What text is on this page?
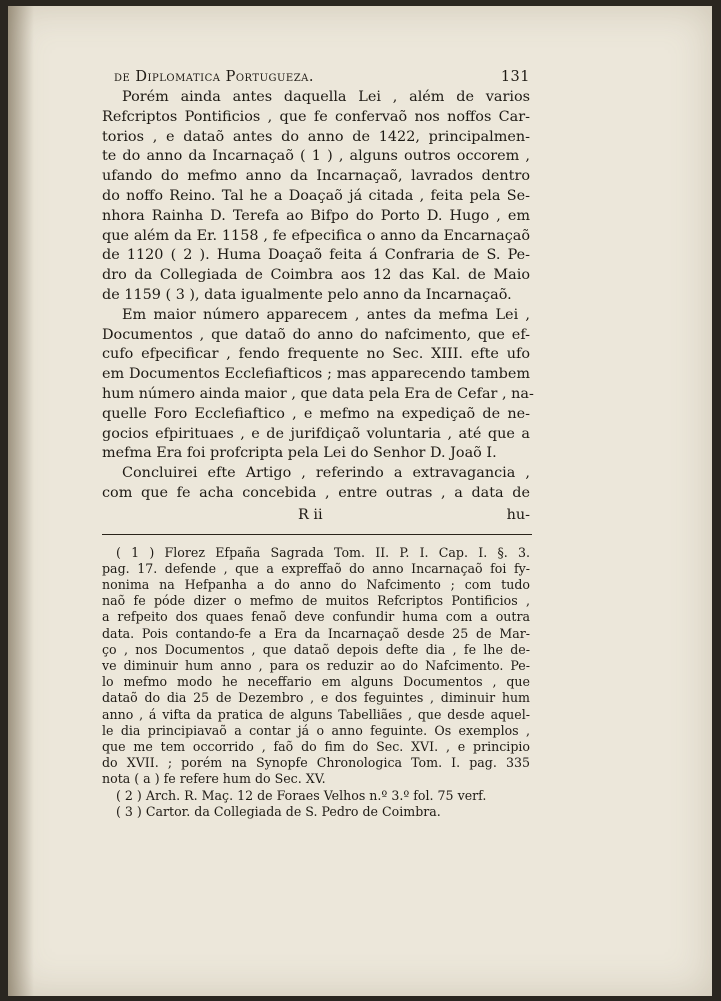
de Diplomatica Portugueza.	131
Porém ainda antes daquella Lei , além de varios
Refcriptos Pontificios , que fe confervaõ nos noffos Car-
torios , e dataõ antes do anno de 1422, principalmen-
te do anno da Incarnaçaõ ( 1 ) , alguns outros occorem ,
ufando do mefmo anno da Incarnaçaõ, lavrados dentro
do noffo Reino. Tal he a Doaçaõ já citada , feita pela Se-
nhora Rainha D. Terefa ao Bifpo do Porto D. Hugo , em
que além da Er. 1158 , fe efpecifica o anno da Encarnaçaõ
de 1120 ( 2 ). Huma Doaçaõ feita á Confraria de S. Pe-
dro da Collegiada de Coimbra aos 12 das Kal. de Maio
de 1159 ( 3 ), data igualmente pelo anno da Incarnaçaõ.
Em maior número apparecem , antes da mefma Lei ,
Documentos , que dataõ do anno do nafcimento, que ef-
cufo efpecificar , fendo frequente no Sec. XIII. efte ufo
em Documentos Ecclefiafticos ; mas apparecendo tambem
hum número ainda maior , que data pela Era de Cefar , na-
quelle Foro Ecclefiaftico , e mefmo na expediçaõ de ne-
gocios efpirituaes , e de jurifdiçaõ voluntaria , até que a
mefma Era foi profcripta pela Lei do Senhor D. Joaõ I.
Concluirei efte Artigo , referindo a extravagancia ,
com que fe acha concebida , entre outras , a data de
R ii	hu-
( 1 ) Florez Efpaña Sagrada Tom. II. P. I. Cap. I. §. 3.
pag. 17. defende , que a expreffaõ do anno Incarnaçaõ foi fy-
nonima na Hefpanha a do anno do Nafcimento ; com tudo
naõ fe póde dizer o mefmo de muitos Refcriptos Pontificios ,
a refpeito dos quaes fenaõ deve confundir huma com a outra
data. Pois contando-fe a Era da Incarnaçaõ desde 25 de Mar-
ço , nos Documentos , que dataõ depois defte dia , fe lhe de-
ve diminuir hum anno , para os reduzir ao do Nafcimento. Pe-
lo mefmo modo he neceffario em alguns Documentos , que
dataõ do dia 25 de Dezembro , e dos feguintes , diminuir hum
anno , á vifta da pratica de alguns Tabelliães , que desde aquel-
le dia principiavaõ a contar já o anno feguinte. Os exemplos ,
que me tem occorrido , faõ do fim do Sec. XVI. , e principio
do XVII. ; porém na Synopfe Chronologica Tom. I. pag. 335
nota ( a ) fe refere hum do Sec. XV.
( 2 ) Arch. R. Maç. 12 de Foraes Velhos n.º 3.º fol. 75 verf.
( 3 ) Cartor. da Collegiada de S. Pedro de Coimbra.
